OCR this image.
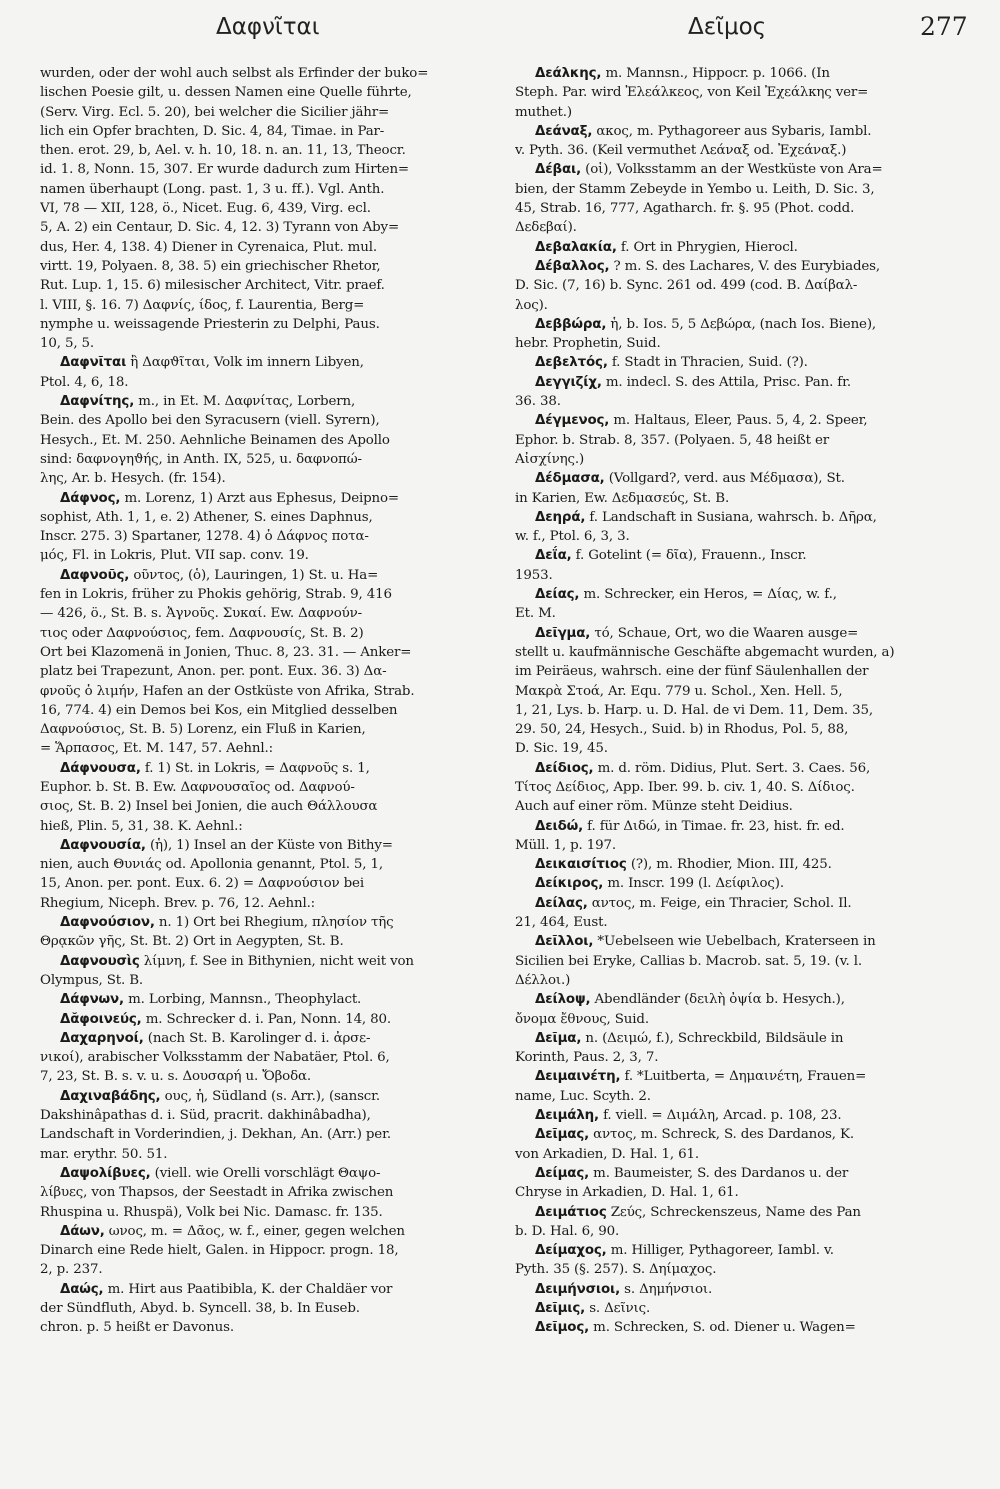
Δαφνῖται	Δεῖμος	277
wurden, oder der wohl auch selbst als Erfinder der buko=
lischen Poesie gilt, u. dessen Namen eine Quelle führte,
(Serv. Virg. Ecl. 5. 20), bei welcher die Sicilier jähr=
lich ein Opfer brachten, D. Sic. 4, 84, Timae. in Par-
then. erot. 29, b, Ael. v. h. 10, 18. n. an. 11, 13, Theocr.
id. 1. 8, Nonn. 15, 307. Er wurde dadurch zum Hirten=
namen überhaupt (Long. past. 1, 3 u. ff.). Vgl. Anth.
VI, 78 — XII, 128, ö., Nicet. Eug. 6, 439, Virg. ecl.
5, A. 2) ein Centaur, D. Sic. 4, 12. 3) Tyrann von Aby=
dus, Her. 4, 138. 4) Diener in Cyrenaica, Plut. mul.
virtt. 19, Polyaen. 8, 38. 5) ein griechischer Rhetor,
Rut. Lup. 1, 15. 6) milesischer Architect, Vitr. praef.
l. VIII, §. 16. 7) Δαφνίς, ίδος, f. Laurentia, Berg=
nymphe u. weissagende Priesterin zu Delphi, Paus.
10, 5, 5.
Δαφνῖται ἢ Δαφϑῖται, Volk im innern Libyen,
Ptol. 4, 6, 18.
Δαφνίτης, m., in Et. M. Δαφνίτας, Lorbern,
Bein. des Apollo bei den Syracusern (viell. Syrern),
Hesych., Et. M. 250. Aehnliche Beinamen des Apollo
sind: δαφνογηϑής, in Anth. IX, 525, u. δαφνοπώ-
λης, Ar. b. Hesych. (fr. 154).
Δάφνος, m. Lorenz, 1) Arzt aus Ephesus, Deipno=
sophist, Ath. 1, 1, e. 2) Athener, S. eines Daphnus,
Inscr. 275. 3) Spartaner, 1278. 4) ὁ Δάφνος ποτα-
μός, Fl. in Lokris, Plut. VII sap. conv. 19.
Δαφνοῦς, οῦντος, (ὁ), Lauringen, 1) St. u. Ha=
fen in Lokris, früher zu Phokis gehörig, Strab. 9, 416
— 426, ö., St. B. s. Ἀγνοῦς. Συκαί. Ew. Δαφνούν-
τιος oder Δαφνούσιος, fem. Δαφνουσίς, St. B. 2)
Ort bei Klazomenä in Jonien, Thuc. 8, 23. 31. — Anker=
platz bei Trapezunt, Anon. per. pont. Eux. 36. 3) Δα-
φνοῦς ὁ λιμήν, Hafen an der Ostküste von Afrika, Strab.
16, 774. 4) ein Demos bei Kos, ein Mitglied desselben
Δαφνούσιος, St. B. 5) Lorenz, ein Fluß in Karien,
= Ἅρπασος, Et. M. 147, 57. Aehnl.:
Δάφνουσα, f. 1) St. in Lokris, = Δαφνοῦς s. 1,
Euphor. b. St. B. Ew. Δαφνουσαῖος od. Δαφνού-
σιος, St. B. 2) Insel bei Jonien, die auch Θάλλουσα
hieß, Plin. 5, 31, 38. K. Aehnl.:
Δαφνουσία, (ἡ), 1) Insel an der Küste von Bithy=
nien, auch Θυνιάς od. Apollonia genannt, Ptol. 5, 1,
15, Anon. per. pont. Eux. 6. 2) = Δαφνούσιον bei
Rhegium, Niceph. Brev. p. 76, 12. Aehnl.:
Δαφνούσιον, n. 1) Ort bei Rhegium, πλησίον τῆς
Θρᾳκῶν γῆς, St. Bt. 2) Ort in Aegypten, St. B.
Δαφνουσὶς λίμνη, f. See in Bithynien, nicht weit von
Olympus, St. B.
Δάφνων, m. Lorbing, Mannsn., Theophylact.
Δᾰφοινεύς, m. Schrecker d. i. Pan, Nonn. 14, 80.
Δαχαρηνοί, (nach St. B. Karolinger d. i. ἀρσε-
νικοί), arabischer Volksstamm der Nabatäer, Ptol. 6,
7, 23, St. B. s. v. u. s. Δουσαρή u. Ὄβοδα.
Δαχιναβάδης, ους, ἡ, Südland (s. Arr.), (sanscr.
Dakshinâpathas d. i. Süd, pracrit. dakhinâbadha),
Landschaft in Vorderindien, j. Dekhan, An. (Arr.) per.
mar. erythr. 50. 51.
Δαψολίβυες, (viell. wie Orelli vorschlägt Θαψο-
λίβυες, von Thapsos, der Seestadt in Afrika zwischen
Rhuspina u. Rhuspä), Volk bei Nic. Damasc. fr. 135.
Δάων, ωνος, m. = Δᾶος, w. f., einer, gegen welchen
Dinarch eine Rede hielt, Galen. in Hippocr. progn. 18,
2, p. 237.
Δαώς, m. Hirt aus Paatibibla, K. der Chaldäer vor
der Sündfluth, Abyd. b. Syncell. 38, b. In Euseb.
chron. p. 5 heißt er Davonus.
Δεάλκης, m. Mannsn., Hippocr. p. 1066. (In
Steph. Par. wird Ἑλεάλκεος, von Keil Ἐχεάλκης ver=
muthet.)
Δεάναξ, ακος, m. Pythagoreer aus Sybaris, Iambl.
v. Pyth. 36. (Keil vermuthet Λεάναξ od. Ἐχεάναξ.)
Δέβαι, (οἱ), Volksstamm an der Westküste von Ara=
bien, der Stamm Zebeyde in Yembo u. Leith, D. Sic. 3,
45, Strab. 16, 777, Agatharch. fr. §. 95 (Phot. codd.
Δεδεβαί).
Δεβαλακία, f. Ort in Phrygien, Hierocl.
Δέβαλλος, ? m. S. des Lachares, V. des Eurybiades,
D. Sic. (7, 16) b. Sync. 261 od. 499 (cod. B. Δαίβαλ-
λος).
Δεββώρα, ἡ, b. Ios. 5, 5 Δεβώρα, (nach Ios. Biene),
hebr. Prophetin, Suid.
Δεβελτός, f. Stadt in Thracien, Suid. (?).
Δεγγιζίχ, m. indecl. S. des Attila, Prisc. Pan. fr.
36. 38.
Δέγμενος, m. Haltaus, Eleer, Paus. 5, 4, 2. Speer,
Ephor. b. Strab. 8, 357. (Polyaen. 5, 48 heißt er
Αἰσχίνης.)
Δέδμασα, (Vollgard?, verd. aus Μέδμασα), St.
in Karien, Ew. Δεδμασεύς, St. B.
Δεηρά, f. Landschaft in Susiana, wahrsch. b. Δῆρα,
w. f., Ptol. 6, 3, 3.
Δεΐα, f. Gotelint (= δῖα), Frauenn., Inscr.
1953.
Δείας, m. Schrecker, ein Heros, = Δίας, w. f.,
Et. M.
Δεῖγμα, τό, Schaue, Ort, wo die Waaren ausge=
stellt u. kaufmännische Geschäfte abgemacht wurden, a)
im Peiräeus, wahrsch. eine der fünf Säulenhallen der
Μακρὰ Στοά, Ar. Equ. 779 u. Schol., Xen. Hell. 5,
1, 21, Lys. b. Harp. u. D. Hal. de vi Dem. 11, Dem. 35,
29. 50, 24, Hesych., Suid. b) in Rhodus, Pol. 5, 88,
D. Sic. 19, 45.
Δείδιος, m. d. röm. Didius, Plut. Sert. 3. Caes. 56,
Τίτος Δείδιος, App. Iber. 99. b. civ. 1, 40. S. Δίδιος.
Auch auf einer röm. Münze steht Deidius.
Δειδώ, f. für Διδώ, in Timae. fr. 23, hist. fr. ed.
Müll. 1, p. 197.
Δεικαισίτιος (?), m. Rhodier, Mion. III, 425.
Δείκιρος, m. Inscr. 199 (l. Δείφιλος).
Δείλας, αντος, m. Feige, ein Thracier, Schol. Il.
21, 464, Eust.
Δεῖλλοι, *Uebelseen wie Uebelbach, Kraterseen in
Sicilien bei Eryke, Callias b. Macrob. sat. 5, 19. (v. l.
Δέλλοι.)
Δείλοψ, Abendländer (δειλὴ ὀψία b. Hesych.),
ὄνομα ἔθνους, Suid.
Δεῖμα, n. (Δειμώ, f.), Schreckbild, Bildsäule in
Korinth, Paus. 2, 3, 7.
Δειμαινέτη, f. *Luitberta, = Δημαινέτη, Frauen=
name, Luc. Scyth. 2.
Δειμάλη, f. viell. = Διμάλη, Arcad. p. 108, 23.
Δεῖμας, αντος, m. Schreck, S. des Dardanos, K.
von Arkadien, D. Hal. 1, 61.
Δείμας, m. Baumeister, S. des Dardanos u. der
Chryse in Arkadien, D. Hal. 1, 61.
Δειμάτιος Ζεύς, Schreckenszeus, Name des Pan
b. D. Hal. 6, 90.
Δείμαχος, m. Hilliger, Pythagoreer, Iambl. v.
Pyth. 35 (§. 257). S. Δηίμαχος.
Δειμήνσιοι, s. Δημήνσιοι.
Δεῖμις, s. Δεῖνις.
Δεῖμος, m. Schrecken, S. od. Diener u. Wagen=
